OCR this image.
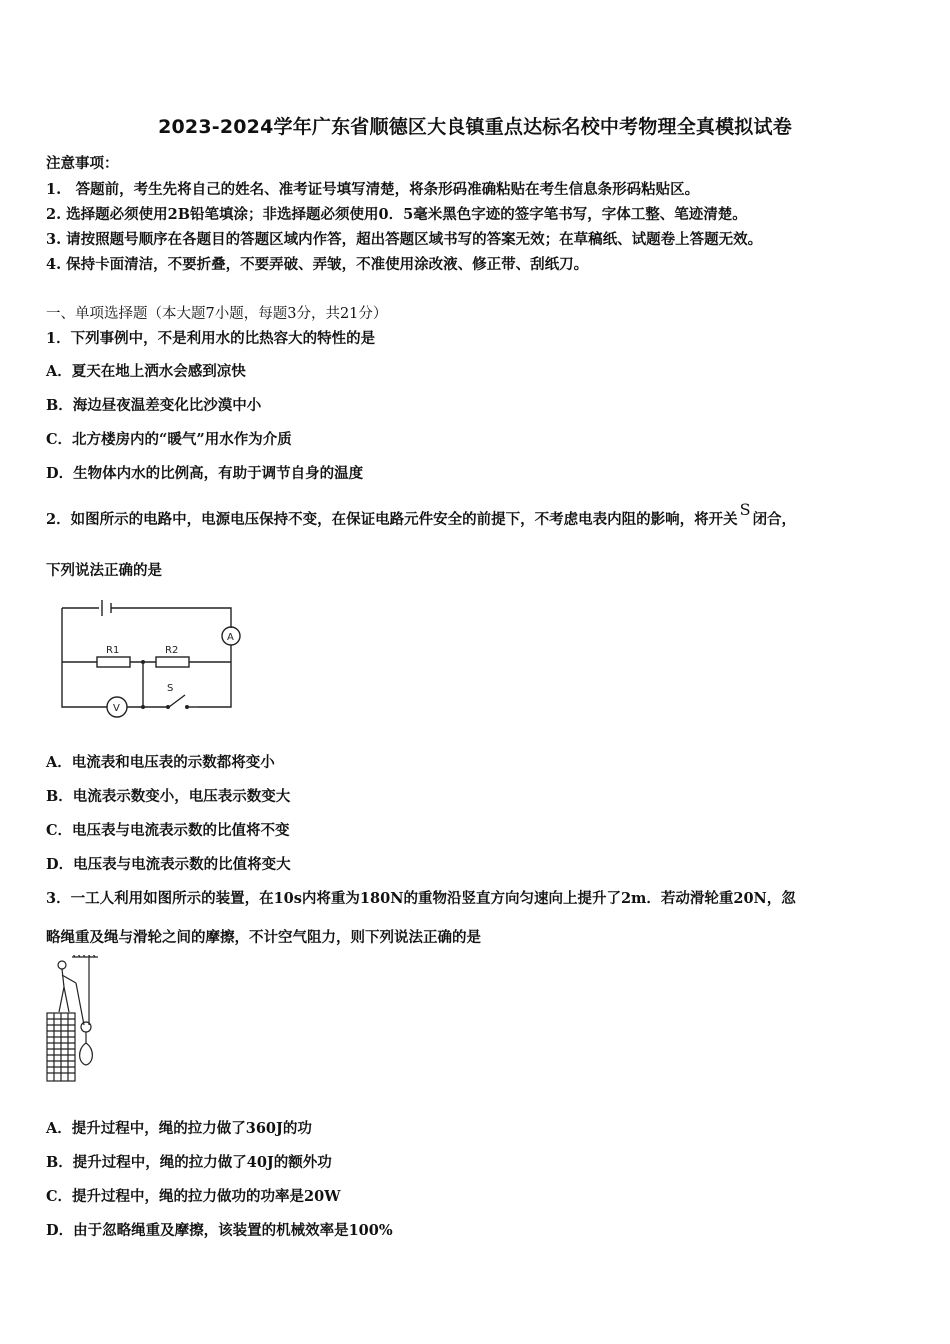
2023-2024学年广东省顺德区大良镇重点达标名校中考物理全真模拟试卷
注意事项：
1.　答题前，考生先将自己的姓名、准考证号填写清楚，将条形码准确粘贴在考生信息条形码粘贴区。
2. 选择题必须使用2B铅笔填涂；非选择题必须使用0．5毫米黑色字迹的签字笔书写，字体工整、笔迹清楚。
3. 请按照题号顺序在各题目的答题区域内作答，超出答题区域书写的答案无效；在草稿纸、试题卷上答题无效。
4. 保持卡面清洁，不要折叠，不要弄破、弄皱，不准使用涂改液、修正带、刮纸刀。
一、单项选择题（本大题7小题，每题3分，共21分）
1．下列事例中，不是利用水的比热容大的特性的是
A．夏天在地上洒水会感到凉快
B．海边昼夜温差变化比沙漠中小
C．北方楼房内的“暖气”用水作为介质
D．生物体内水的比例高，有助于调节自身的温度
2．如图所示的电路中，电源电压保持不变，在保证电路元件安全的前提下，不考虑电表内阻的影响，将开关S闭合，
下列说法正确的是
A
V
R1	R2
S
A．电流表和电压表的示数都将变小
B．电流表示数变小，电压表示数变大
C．电压表与电流表示数的比值将不变
D．电压表与电流表示数的比值将变大
3．一工人利用如图所示的装置，在10s内将重为180N的重物沿竖直方向匀速向上提升了2m．若动滑轮重20N，忽
略绳重及绳与滑轮之间的摩擦，不计空气阻力，则下列说法正确的是
A．提升过程中，绳的拉力做了360J的功
B．提升过程中，绳的拉力做了40J的额外功
C．提升过程中，绳的拉力做功的功率是20W
D．由于忽略绳重及摩擦，该装置的机械效率是100%
